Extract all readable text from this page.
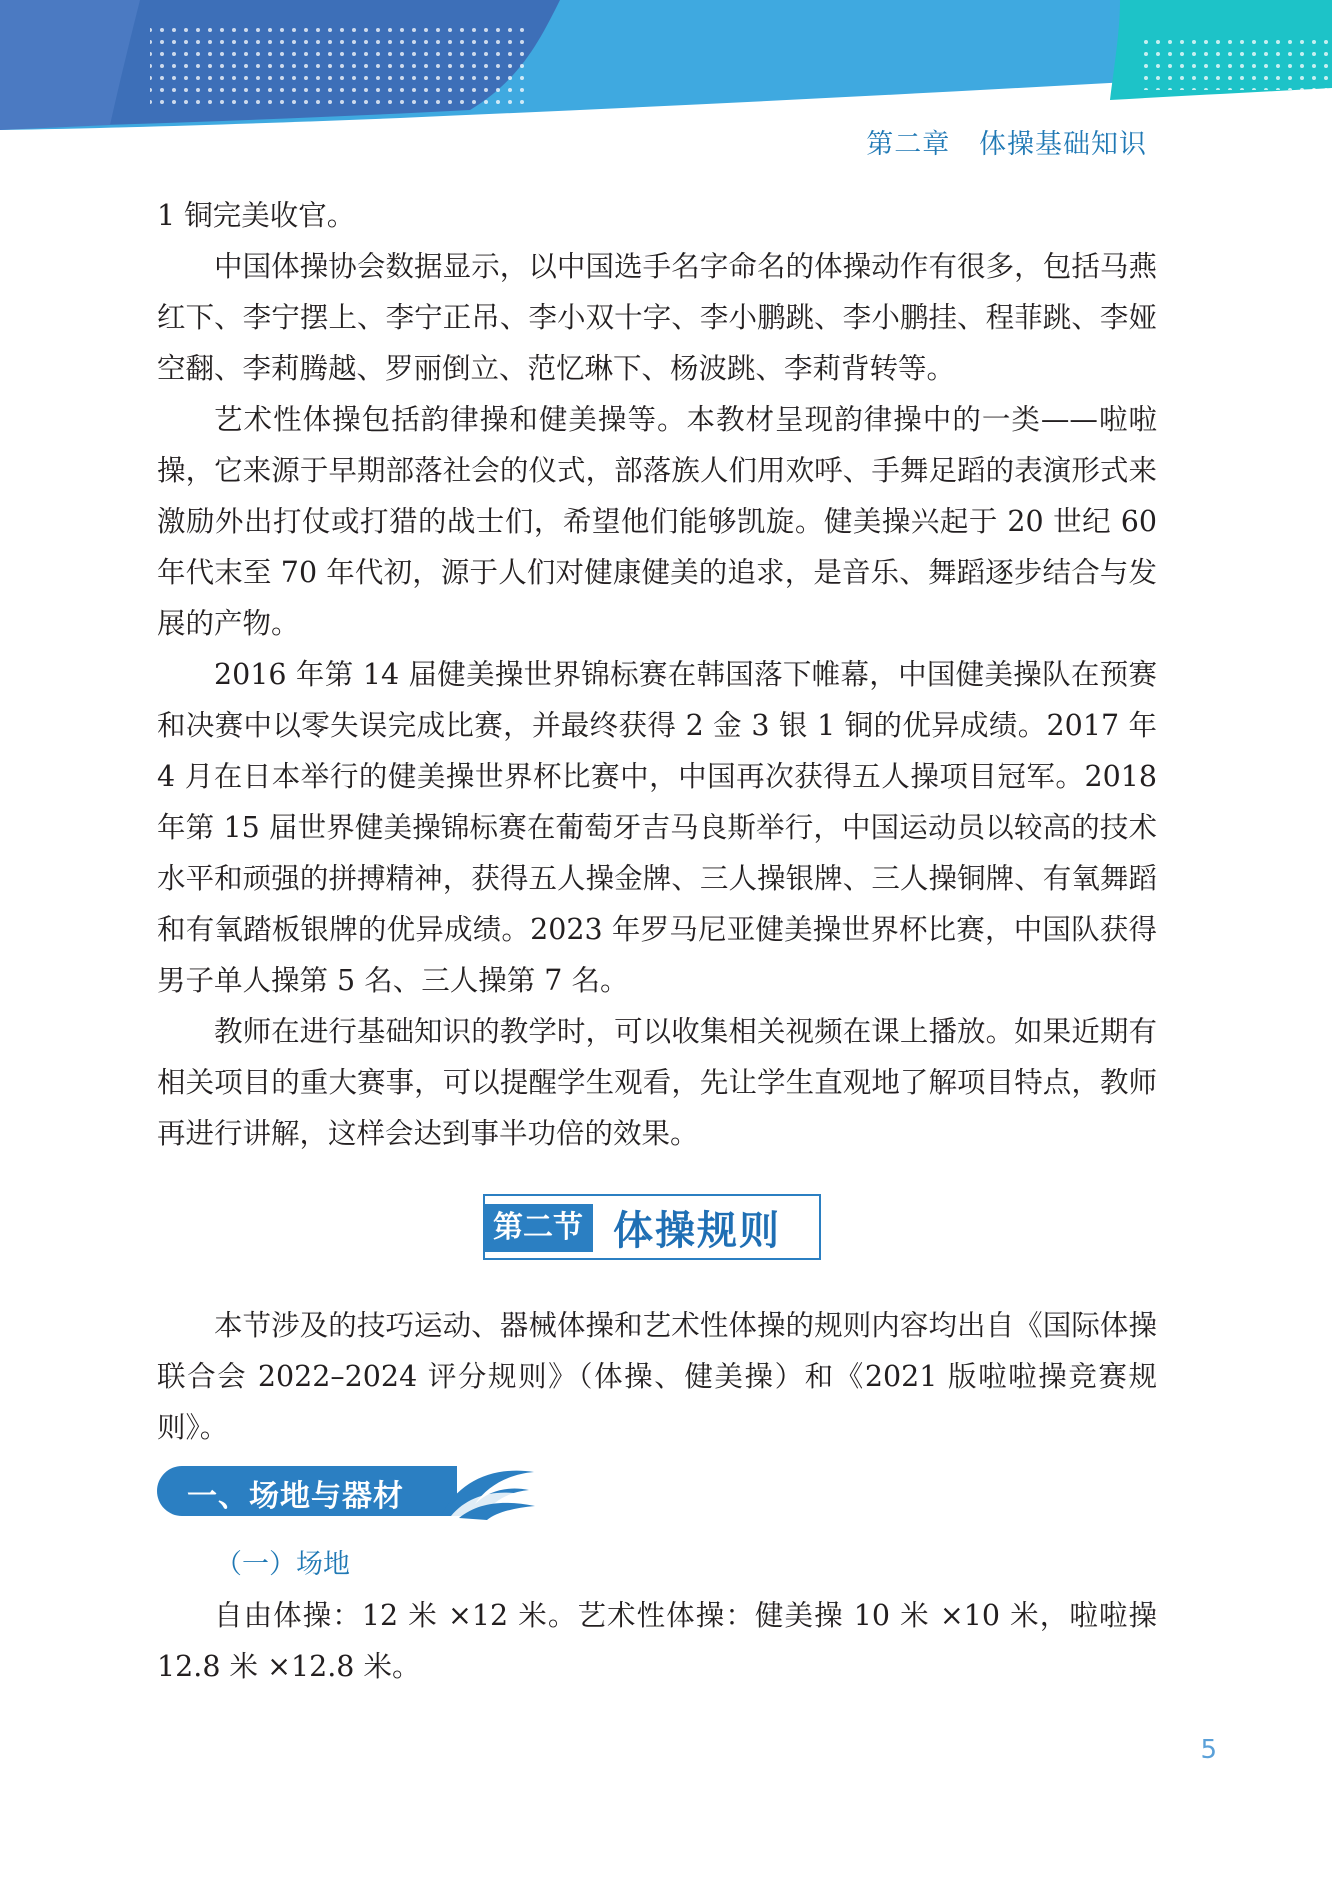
第二章 体操基础知识

1 铜完美收官。

中国体操协会数据显示，以中国选手名字命名的体操动作有很多，包括马燕红下、李宁摆上、李宁正吊、李小双十字、李小鹏跳、李小鹏挂、程菲跳、李娅空翻、李莉腾越、罗丽倒立、范忆琳下、杨波跳、李莉背转等。

艺术性体操包括韵律操和健美操等。本教材呈现韵律操中的一类——啦啦操，它来源于早期部落社会的仪式，部落族人们用欢呼、手舞足蹈的表演形式来激励外出打仗或打猎的战士们，希望他们能够凯旋。健美操兴起于 20 世纪 60 年代末至 70 年代初，源于人们对健康健美的追求，是音乐、舞蹈逐步结合与发展的产物。

2016 年第 14 届健美操世界锦标赛在韩国落下帷幕，中国健美操队在预赛和决赛中以零失误完成比赛，并最终获得 2 金 3 银 1 铜的优异成绩。2017 年 4 月在日本举行的健美操世界杯比赛中，中国再次获得五人操项目冠军。2018 年第 15 届世界健美操锦标赛在葡萄牙吉马良斯举行，中国运动员以较高的技术水平和顽强的拼搏精神，获得五人操金牌、三人操银牌、三人操铜牌、有氧舞蹈和有氧踏板银牌的优异成绩。2023 年罗马尼亚健美操世界杯比赛，中国队获得男子单人操第 5 名、三人操第 7 名。

教师在进行基础知识的教学时，可以收集相关视频在课上播放。如果近期有相关项目的重大赛事，可以提醒学生观看，先让学生直观地了解项目特点，教师再进行讲解，这样会达到事半功倍的效果。

第二节 体操规则

本节涉及的技巧运动、器械体操和艺术性体操的规则内容均出自《国际体操联合会 2022–2024 评分规则》（体操、健美操）和《2021 版啦啦操竞赛规则》。

一、场地与器材
（一）场地

自由体操：12 米 ×12 米。艺术性体操：健美操 10 米 ×10 米，啦啦操 12.8 米 ×12.8 米。

5
